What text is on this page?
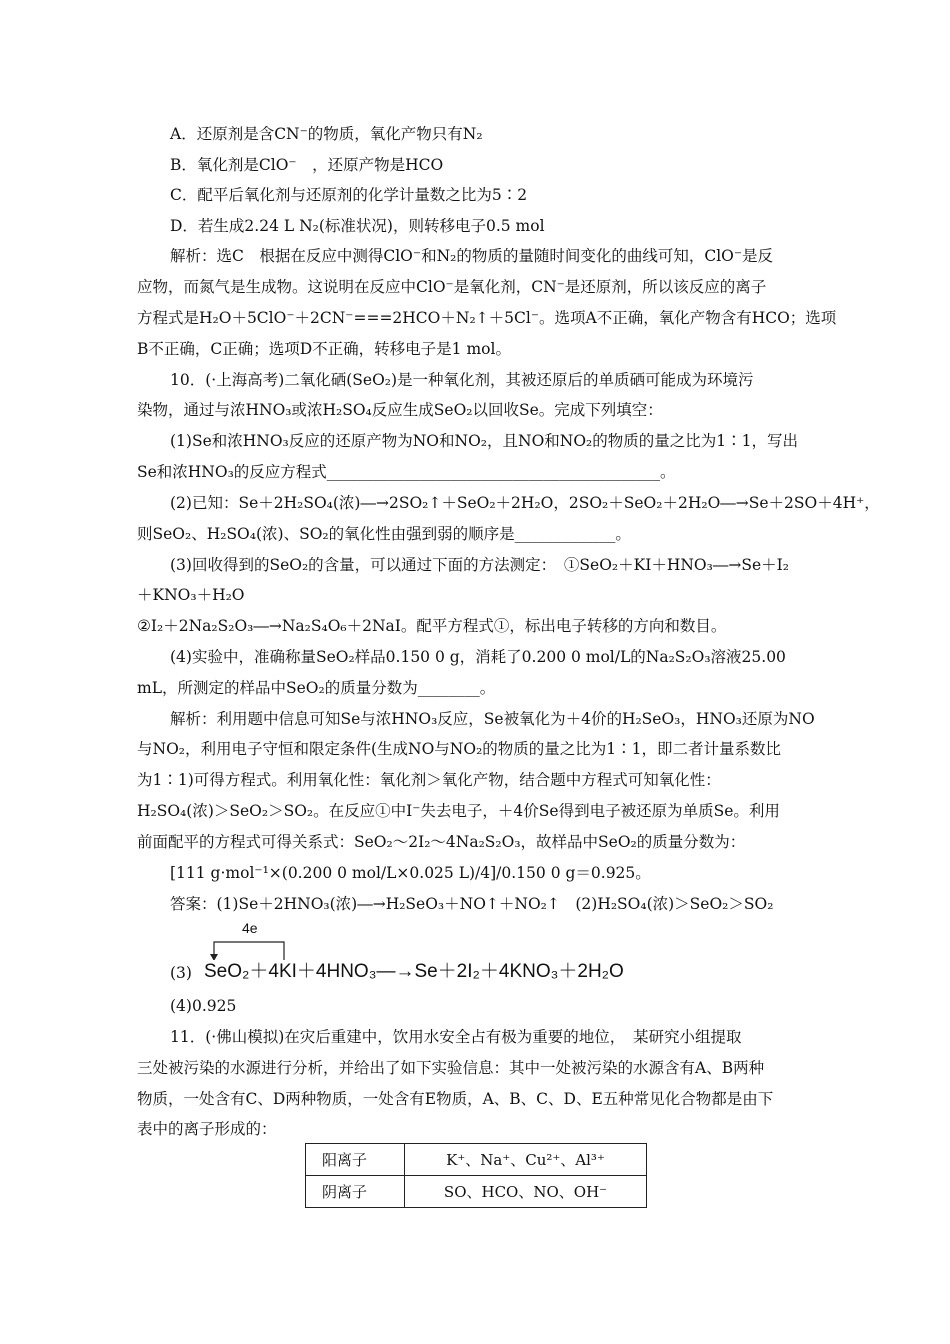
A．还原剂是含CN⁻的物质，氧化产物只有N₂
B．氧化剂是ClO⁻　，还原产物是HCO
C．配平后氧化剂与还原剂的化学计量数之比为5∶2
D．若生成2.24 L N₂(标准状况)，则转移电子0.5 mol
解析：选C　根据在反应中测得ClO⁻和N₂的物质的量随时间变化的曲线可知，ClO⁻是反
应物，而氮气是生成物。这说明在反应中ClO⁻是氧化剂，CN⁻是还原剂，所以该反应的离子
方程式是H₂O＋5ClO⁻＋2CN⁻===2HCO＋N₂↑＋5Cl⁻。选项A不正确，氧化产物含有HCO；选项
B不正确，C正确；选项D不正确，转移电子是1 mol。
10．(·上海高考)二氧化硒(SeO₂)是一种氧化剂，其被还原后的单质硒可能成为环境污
染物，通过与浓HNO₃或浓H₂SO₄反应生成SeO₂以回收Se。完成下列填空：
(1)Se和浓HNO₃反应的还原产物为NO和NO₂，且NO和NO₂的物质的量之比为1∶1，写出
Se和浓HNO₃的反应方程式___________________________________________。
(2)已知：Se＋2H₂SO₄(浓)―→2SO₂↑＋SeO₂＋2H₂O，2SO₂＋SeO₂＋2H₂O―→Se＋2SO＋4H⁺，
则SeO₂、H₂SO₄(浓)、SO₂的氧化性由强到弱的顺序是_____________。
(3)回收得到的SeO₂的含量，可以通过下面的方法测定：　①SeO₂＋KI＋HNO₃―→Se＋I₂
＋KNO₃＋H₂O
②I₂＋2Na₂S₂O₃―→Na₂S₄O₆＋2NaI。配平方程式①，标出电子转移的方向和数目。
(4)实验中，准确称量SeO₂样品0.150 0 g，消耗了0.200 0 mol/L的Na₂S₂O₃溶液25.00
mL，所测定的样品中SeO₂的质量分数为________。
解析：利用题中信息可知Se与浓HNO₃反应，Se被氧化为＋4价的H₂SeO₃，HNO₃还原为NO
与NO₂，利用电子守恒和限定条件(生成NO与NO₂的物质的量之比为1∶1，即二者计量系数比
为1∶1)可得方程式。利用氧化性：氧化剂＞氧化产物，结合题中方程式可知氧化性：
H₂SO₄(浓)＞SeO₂＞SO₂。在反应①中I⁻失去电子，＋4价Se得到电子被还原为单质Se。利用
前面配平的方程式可得关系式：SeO₂～2I₂～4Na₂S₂O₃，故样品中SeO₂的质量分数为：
[111 g·mol⁻¹×(0.200 0 mol/L×0.025 L)/4]/0.150 0 g＝0.925。
答案：(1)Se＋2HNO₃(浓)―→H₂SeO₃＋NO↑＋NO₂↑　(2)H₂SO₄(浓)＞SeO₂＞SO₂
4e
(3) SeO₂＋4KI＋4HNO₃―→Se＋2I₂＋4KNO₃＋2H₂O
(4)0.925
11．(·佛山模拟)在灾后重建中，饮用水安全占有极为重要的地位，　某研究小组提取
三处被污染的水源进行分析，并给出了如下实验信息：其中一处被污染的水源含有A、B两种
物质，一处含有C、D两种物质，一处含有E物质，A、B、C、D、E五种常见化合物都是由下
表中的离子形成的：
阳离子	K⁺、Na⁺、Cu²⁺、Al³⁺
阴离子	SO、HCO、NO、OH⁻
